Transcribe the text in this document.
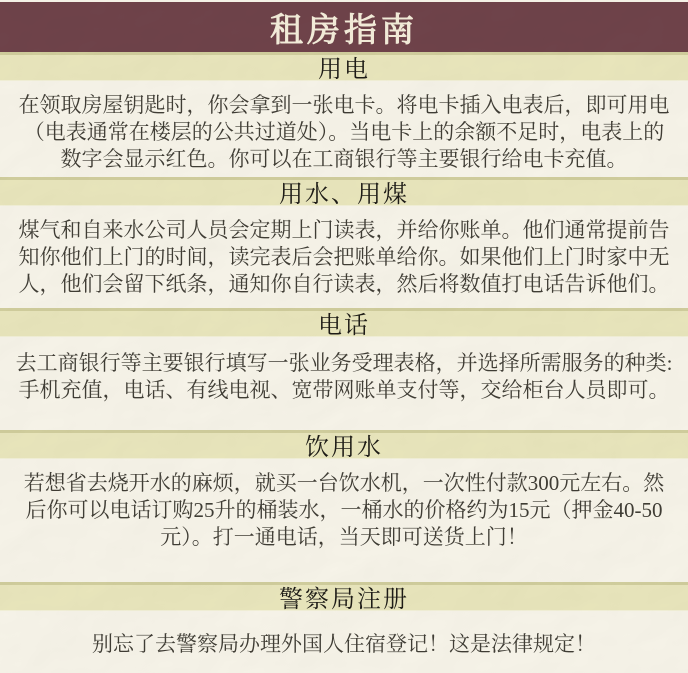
租房指南
用电

在领取房屋钥匙时，你会拿到一张电卡。将电卡插入电表后，即可用电（电表通常在楼层的公共过道处）。当电卡上的余额不足时，电表上的数字会显示红色。你可以在工商银行等主要银行给电卡充值。

用水、用煤

煤气和自来水公司人员会定期上门读表，并给你账单。他们通常提前告知你他们上门的时间，读完表后会把账单给你。如果他们上门时家中无人，他们会留下纸条，通知你自行读表，然后将数值打电话告诉他们。

电话

去工商银行等主要银行填写一张业务受理表格，并选择所需服务的种类:手机充值，电话、有线电视、宽带网账单支付等，交给柜台人员即可。

饮用水

若想省去烧开水的麻烦，就买一台饮水机，一次性付款300元左右。然后你可以电话订购25升的桶装水，一桶水的价格约为15元（押金40-50元）。打一通电话，当天即可送货上门！

警察局注册

别忘了去警察局办理外国人住宿登记！这是法律规定！
